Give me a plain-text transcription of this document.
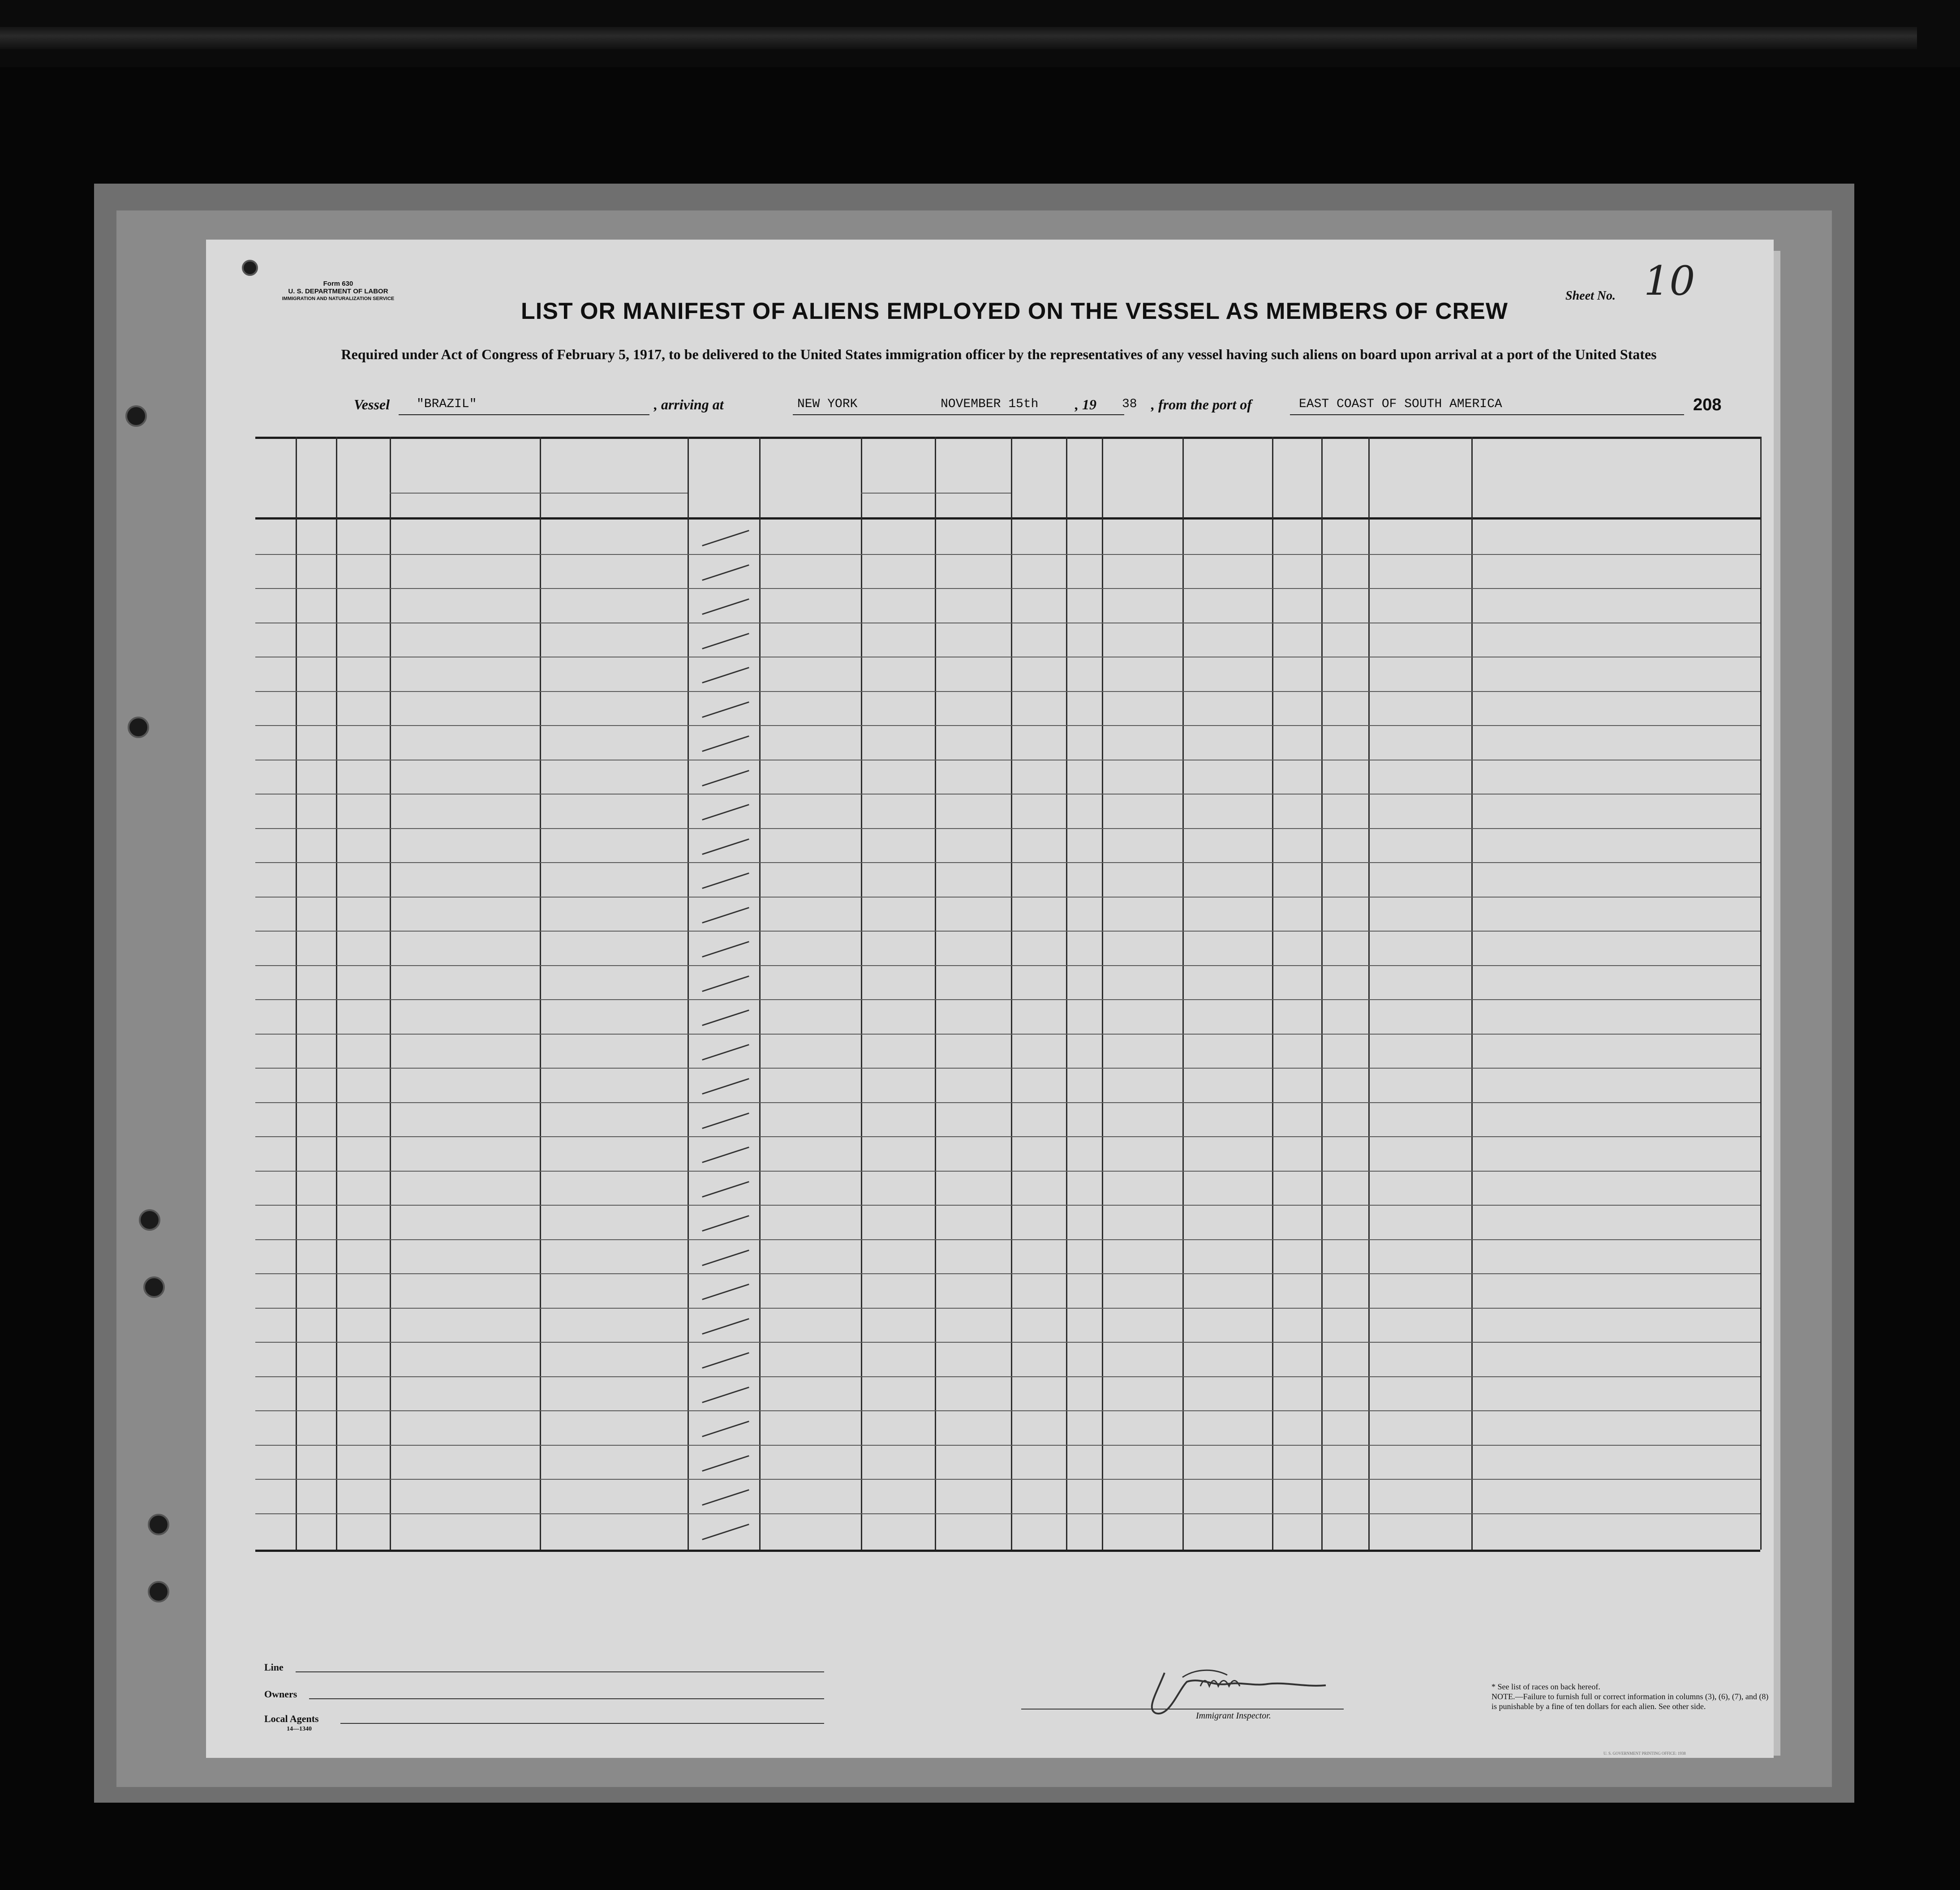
Form 630
U. S. DEPARTMENT OF LABOR
IMMIGRATION AND NATURALIZATION SERVICE	Sheet No. 10
LIST OR MANIFEST OF ALIENS EMPLOYED ON THE VESSEL AS MEMBERS OF CREW
Required under Act of Congress of February 5, 1917, to be delivered to the United States immigration officer by the representatives of any vessel having such aliens on board upon arrival at a port of the United States
Vessel "BRAZIL"	, arriving at	NEW YORK	NOVEMBER 15th	, 19 38 , from the port of	EAST COAST OF SOUTH AMERICA	208
Line
Owners
Local Agents
14—1340
Immigrant Inspector.
* See list of races on back hereof.
NOTE.—Failure to furnish full or correct information in columns (3), (6), (7), and (8) is punishable by a fine of ten dollars for each alien. See other side.
U. S. GOVERNMENT PRINTING OFFICE: 1938
